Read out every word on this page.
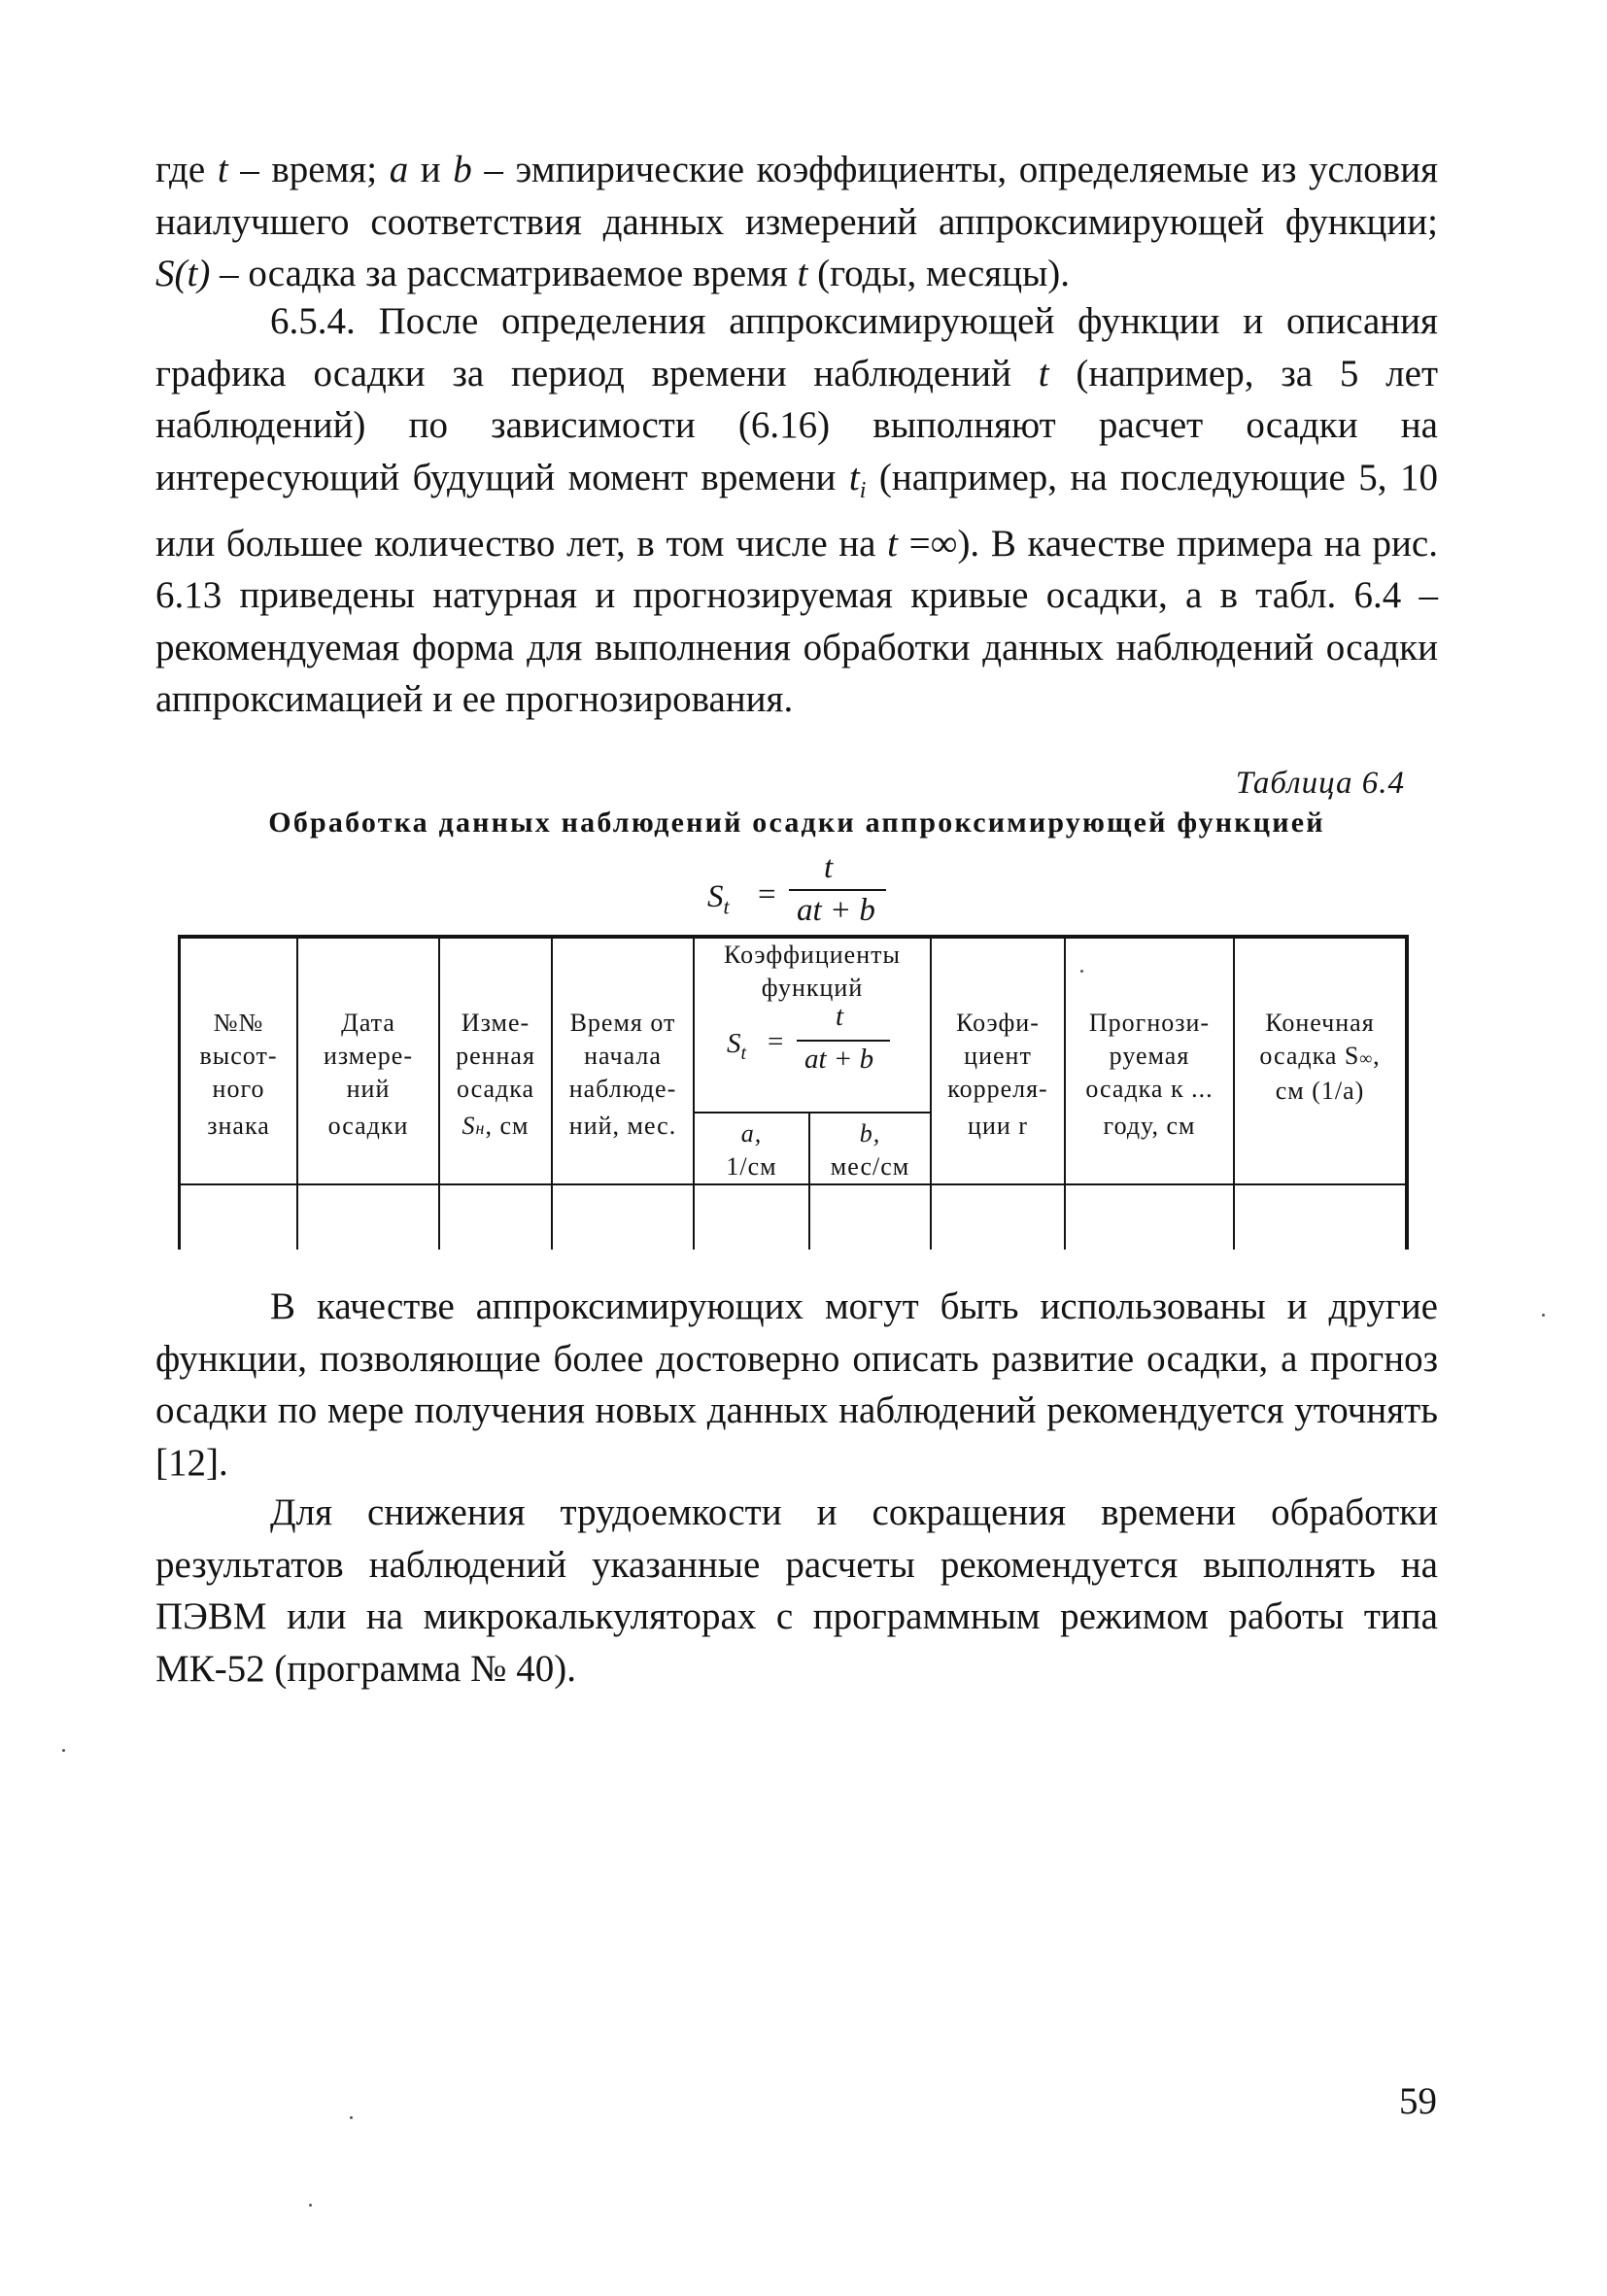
где t – время; a и b – эмпирические коэффициенты, определяемые из условия наилучшего соответствия данных измерений аппроксимирующей функции; S(t) – осадка за рассматриваемое время t (годы, месяцы).

6.5.4. После определения аппроксимирующей функции и описания графика осадки за период времени наблюдений t (например, за 5 лет наблюдений) по зависимости (6.16) выполняют расчет осадки на интересующий будущий момент времени $t_i$ (например, на последующие 5, 10 или большее количество лет, в том числе на t =∞). В качестве примера на рис. 6.13 приведены натурная и прогнозируемая кривые осадки, а в табл. 6.4 – рекомендуемая форма для выполнения обработки данных наблюдений осадки аппроксимацией и ее прогнозирования.

Таблица 6.4
Обработка данных наблюдений осадки аппроксимирующей функцией
$S_t$ =
t
at + b
№№
высот-
ного
знака
Дата
измере-
ний
осадки
Изме-
ренная
осадка
Sн, см
Время от
начала
наблюде-
ний, мес.
Коэффициенты
функций
$S_t$ =
t
at + b
a,
1/см
b,
мес/см
Коэфи-
циент
корреля-
ции r
Прогнози-
руемая
осадка к ...
году, см
Конечная
осадка S∞,
см (1/a)

В качестве аппроксимирующих могут быть использованы и другие функции, позволяющие более достоверно описать развитие осадки, а прогноз осадки по мере получения новых данных наблюдений рекомендуется уточнять [12].

Для снижения трудоемкости и сокращения времени обработки результатов наблюдений указанные расчеты рекомендуется выполнять на ПЭВМ или на микрокалькуляторах с программным режимом работы типа МК-52 (программа № 40).

59
